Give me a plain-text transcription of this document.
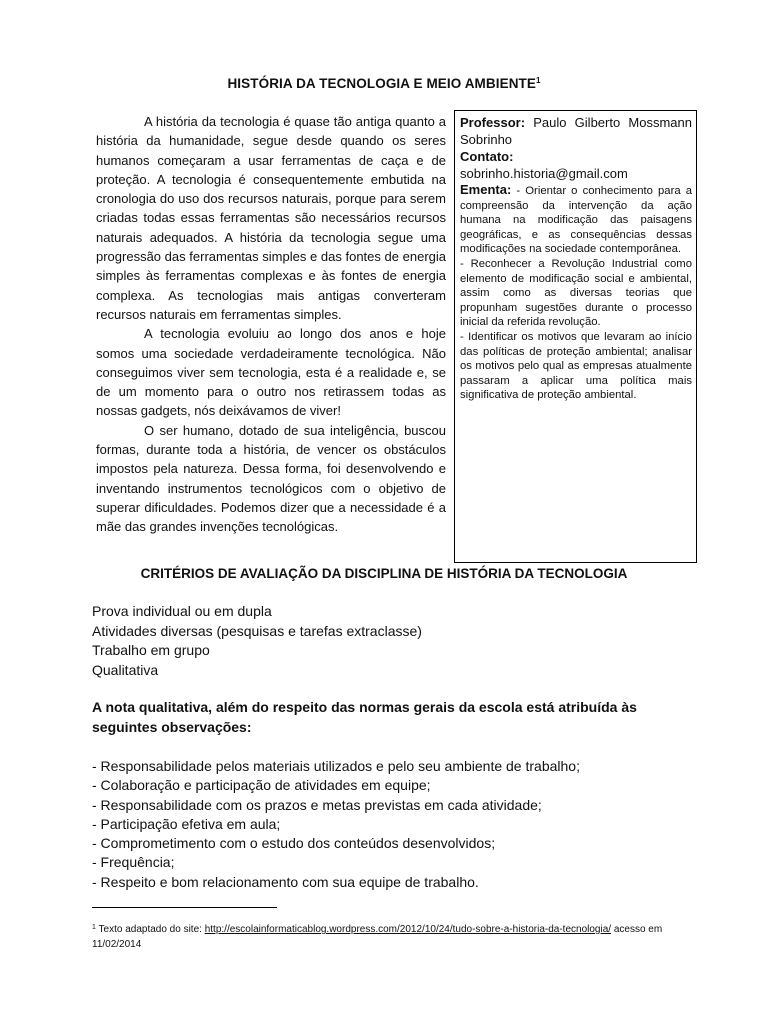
HISTÓRIA DA TECNOLOGIA E MEIO AMBIENTE$^1$

A história da tecnologia é quase tão antiga quanto a história da humanidade, segue desde quando os seres humanos começaram a usar ferramentas de caça e de proteção. A tecnologia é consequentemente embutida na cronologia do uso dos recursos naturais, porque para serem criadas todas essas ferramentas são necessários recursos naturais adequados. A história da tecnologia segue uma progressão das ferramentas simples e das fontes de energia simples às ferramentas complexas e às fontes de energia complexa. As tecnologias mais antigas converteram recursos naturais em ferramentas simples.

A tecnologia evoluiu ao longo dos anos e hoje somos uma sociedade verdadeiramente tecnológica. Não conseguimos viver sem tecnologia, esta é a realidade e, se de um momento para o outro nos retirassem todas as nossas gadgets, nós deixávamos de viver!

O ser humano, dotado de sua inteligência, buscou formas, durante toda a história, de vencer os obstáculos impostos pela natureza. Dessa forma, foi desenvolvendo e inventando instrumentos tecnológicos com o objetivo de superar dificuldades. Podemos dizer que a necessidade é a mãe das grandes invenções tecnológicas.

Professor: Paulo Gilberto Mossmann Sobrinho
Contato:
sobrinho.historia@gmail.com

Ementa: - Orientar o conhecimento para a compreensão da intervenção da ação humana na modificação das paisagens geográficas, e as consequências dessas modificações na sociedade contemporânea.

- Reconhecer a Revolução Industrial como elemento de modificação social e ambiental, assim como as diversas teorias que propunham sugestões durante o processo inicial da referida revolução.

- Identificar os motivos que levaram ao início das políticas de proteção ambiental; analisar os motivos pelo qual as empresas atualmente passaram a aplicar uma política mais significativa de proteção ambiental.

CRITÉRIOS DE AVALIAÇÃO DA DISCIPLINA DE HISTÓRIA DA TECNOLOGIA
Prova individual ou em dupla
Atividades diversas (pesquisas e tarefas extraclasse)
Trabalho em grupo
Qualitativa
A nota qualitativa, além do respeito das normas gerais da escola está atribuída às seguintes observações:
- Responsabilidade pelos materiais utilizados e pelo seu ambiente de trabalho;
- Colaboração e participação de atividades em equipe;
- Responsabilidade com os prazos e metas previstas em cada atividade;
- Participação efetiva em aula;
- Comprometimento com o estudo dos conteúdos desenvolvidos;
- Frequência;
- Respeito e bom relacionamento com sua equipe de trabalho.
$^1$ Texto adaptado do site: http://escolainformaticablog.wordpress.com/2012/10/24/tudo-sobre-a-historia-da-tecnologia/ acesso em 11/02/2014
